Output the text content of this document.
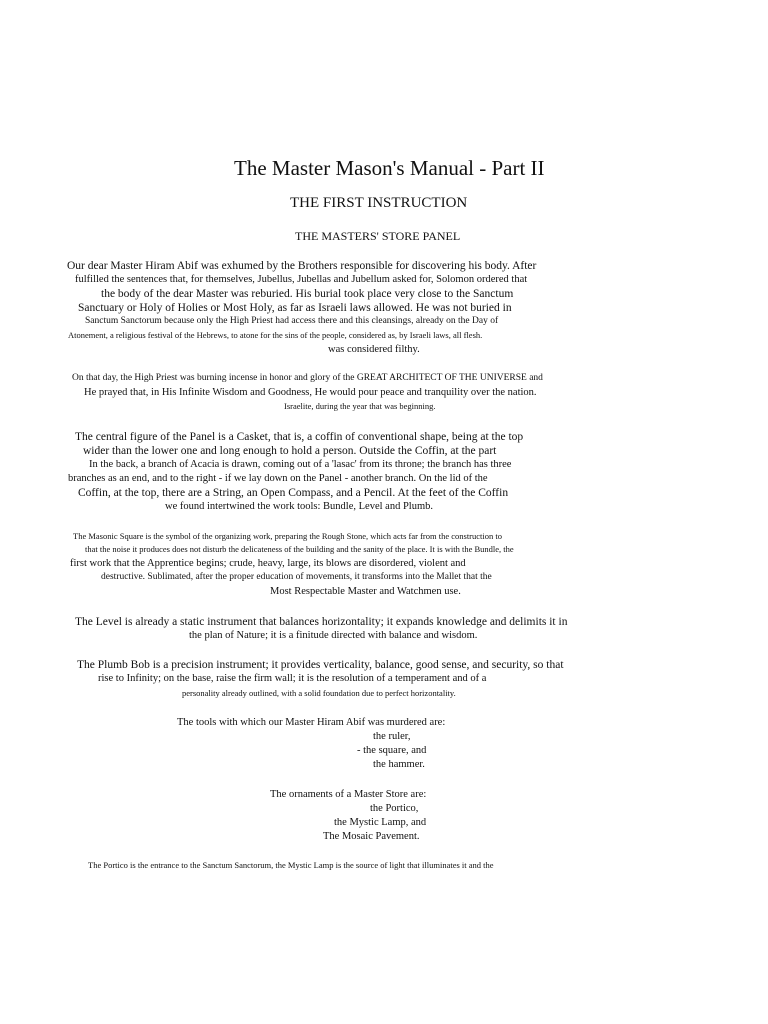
The Master Mason's Manual - Part II
THE FIRST INSTRUCTION
THE MASTERS' STORE PANEL
Our dear Master Hiram Abif was exhumed by the Brothers responsible for discovering his body. After
fulfilled the sentences that, for themselves, Jubellus, Jubellas and Jubellum asked for, Solomon ordered that
the body of the dear Master was reburied. His burial took place very close to the Sanctum
Sanctuary or Holy of Holies or Most Holy, as far as Israeli laws allowed. He was not buried in
Sanctum Sanctorum because only the High Priest had access there and this cleansings, already on the Day of
Atonement, a religious festival of the Hebrews, to atone for the sins of the people, considered as, by Israeli laws, all flesh.
was considered filthy.
On that day, the High Priest was burning incense in honor and glory of the GREAT ARCHITECT OF THE UNIVERSE and
He prayed that, in His Infinite Wisdom and Goodness, He would pour peace and tranquility over the nation.
Israelite, during the year that was beginning.
The central figure of the Panel is a Casket, that is, a coffin of conventional shape, being at the top
wider than the lower one and long enough to hold a person. Outside the Coffin, at the part
In the back, a branch of Acacia is drawn, coming out of a 'lasac' from its throne; the branch has three
branches as an end, and to the right - if we lay down on the Panel - another branch. On the lid of the
Coffin, at the top, there are a String, an Open Compass, and a Pencil. At the feet of the Coffin
we found intertwined the work tools: Bundle, Level and Plumb.
The Masonic Square is the symbol of the organizing work, preparing the Rough Stone, which acts far from the construction to
that the noise it produces does not disturb the delicateness of the building and the sanity of the place. It is with the Bundle, the
first work that the Apprentice begins; crude, heavy, large, its blows are disordered, violent and
destructive. Sublimated, after the proper education of movements, it transforms into the Mallet that the
Most Respectable Master and Watchmen use.
The Level is already a static instrument that balances horizontality; it expands knowledge and delimits it in
the plan of Nature; it is a finitude directed with balance and wisdom.
The Plumb Bob is a precision instrument; it provides verticality, balance, good sense, and security, so that
rise to Infinity; on the base, raise the firm wall; it is the resolution of a temperament and of a
personality already outlined, with a solid foundation due to perfect horizontality.
The tools with which our Master Hiram Abif was murdered are:
the ruler,
- the square, and
the hammer.
The ornaments of a Master Store are:
the Portico,
the Mystic Lamp, and
The Mosaic Pavement.
The Portico is the entrance to the Sanctum Sanctorum, the Mystic Lamp is the source of light that illuminates it and the
